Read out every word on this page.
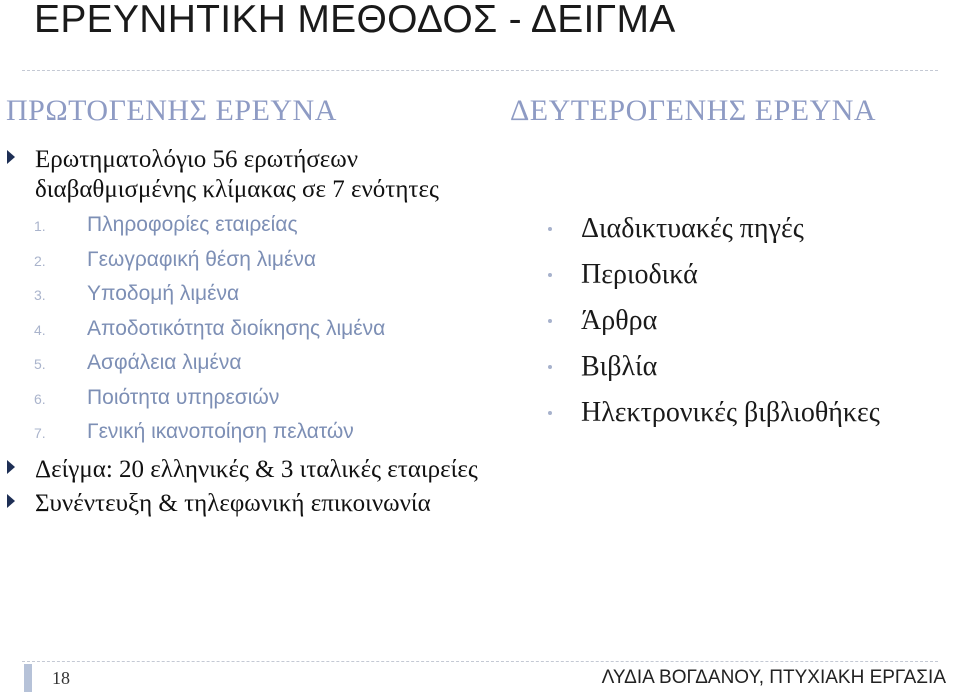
ΕΡΕΥΝΗΤΙΚΗ ΜΕΘΟΔΟΣ - ΔΕΙΓΜΑ
ΠΡΩΤΟΓΕΝΗΣ ΕΡΕΥΝΑ	ΔΕΥΤΕΡΟΓΕΝΗΣ ΕΡΕΥΝΑ
Ερωτηματολόγιο 56 ερωτήσεων διαβαθμισμένης κλίμακας σε 7 ενότητες
1. Πληροφορίες εταιρείας
2. Γεωγραφική θέση λιμένα
3. Υποδομή λιμένα
4. Αποδοτικότητα διοίκησης λιμένα
5. Ασφάλεια λιμένα
6. Ποιότητα υπηρεσιών
7. Γενική ικανοποίηση πελατών
Δείγμα: 20 ελληνικές & 3 ιταλικές εταιρείες
Συνέντευξη & τηλεφωνική επικοινωνία
Διαδικτυακές πηγές
Περιοδικά
Άρθρα
Βιβλία
Ηλεκτρονικές βιβλιοθήκες
18	ΛΥΔΙΑ ΒΟΓΔΑΝΟΥ, ΠΤΥΧΙΑΚΗ ΕΡΓΑΣΙΑ
